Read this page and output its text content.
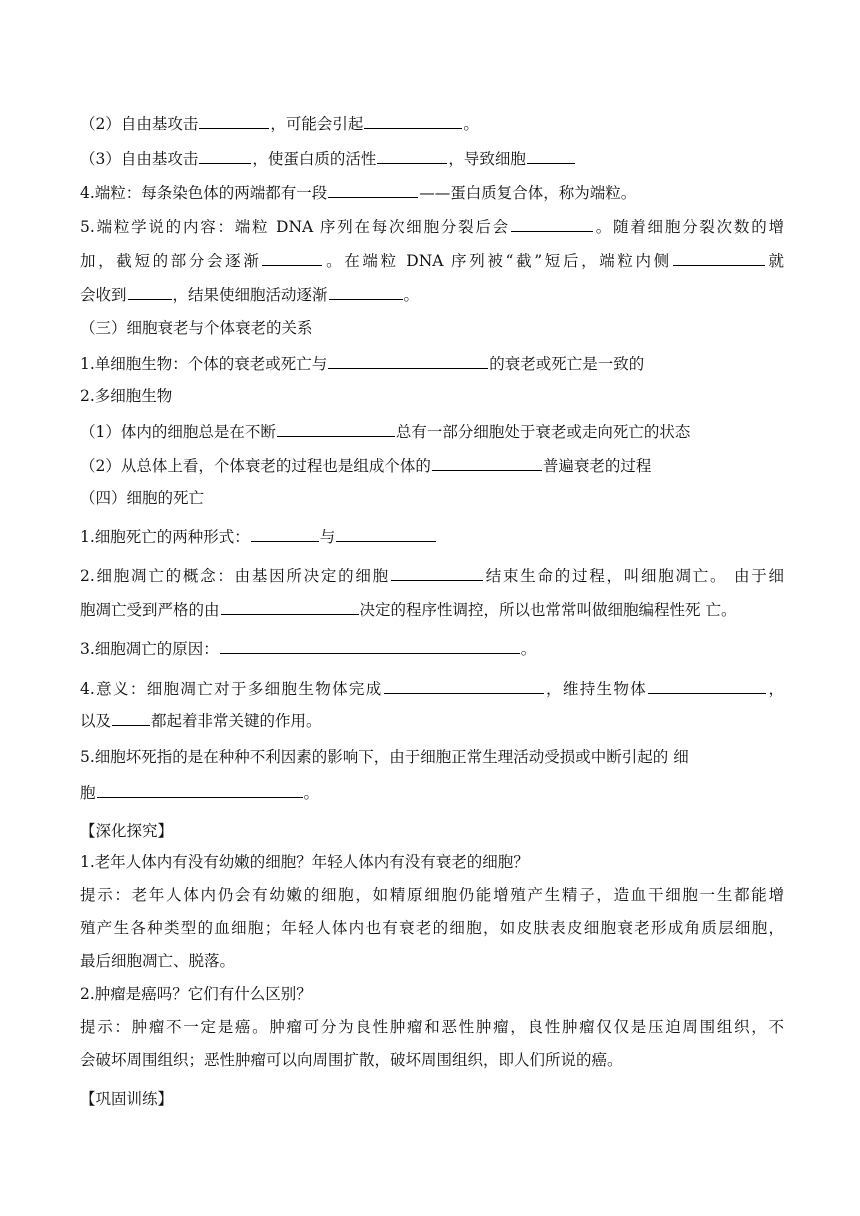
（2）自由基攻击	，可能会引起	。
（3）自由基攻击	，使蛋白质的活性	，导致细胞
4.端粒：每条染色体的两端都有一段	——蛋白质复合体，称为端粒。
5.端粒学说的内容：端粒 DNA 序列在每次细胞分裂后会	。随着细胞分裂次数的增
加，截短的部分会逐渐	。在端粒 DNA 序列被“截”短后，端粒内侧	就
会收到	，结果使细胞活动逐渐	。
（三）细胞衰老与个体衰老的关系
1.单细胞生物：个体的衰老或死亡与	的衰老或死亡是一致的
2.多细胞生物
（1）体内的细胞总是在不断	总有一部分细胞处于衰老或走向死亡的状态
（2）从总体上看，个体衰老的过程也是组成个体的	普遍衰老的过程
（四）细胞的死亡
1.细胞死亡的两种形式：	与
2.细胞凋亡的概念：由基因所决定的细胞	结束生命的过程，叫细胞凋亡。 由于细
胞凋亡受到严格的由	决定的程序性调控，所以也常常叫做细胞编程性死 亡。
3.细胞凋亡的原因：	。
4.意义：细胞凋亡对于多细胞生物体完成	，维持生物体	，
以及	都起着非常关键的作用。
5.细胞坏死指的是在种种不利因素的影响下，由于细胞正常生理活动受损或中断引起的 细
胞	。
【深化探究】
1.老年人体内有没有幼嫩的细胞？年轻人体内有没有衰老的细胞？
提示：老年人体内仍会有幼嫩的细胞，如精原细胞仍能增殖产生精子，造血干细胞一生都能增
殖产生各种类型的血细胞；年轻人体内也有衰老的细胞，如皮肤表皮细胞衰老形成角质层细胞，
最后细胞凋亡、脱落。
2.肿瘤是癌吗？它们有什么区别？
提示：肿瘤不一定是癌。肿瘤可分为良性肿瘤和恶性肿瘤，良性肿瘤仅仅是压迫周围组织，不
会破坏周围组织；恶性肿瘤可以向周围扩散，破坏周围组织，即人们所说的癌。
【巩固训练】
